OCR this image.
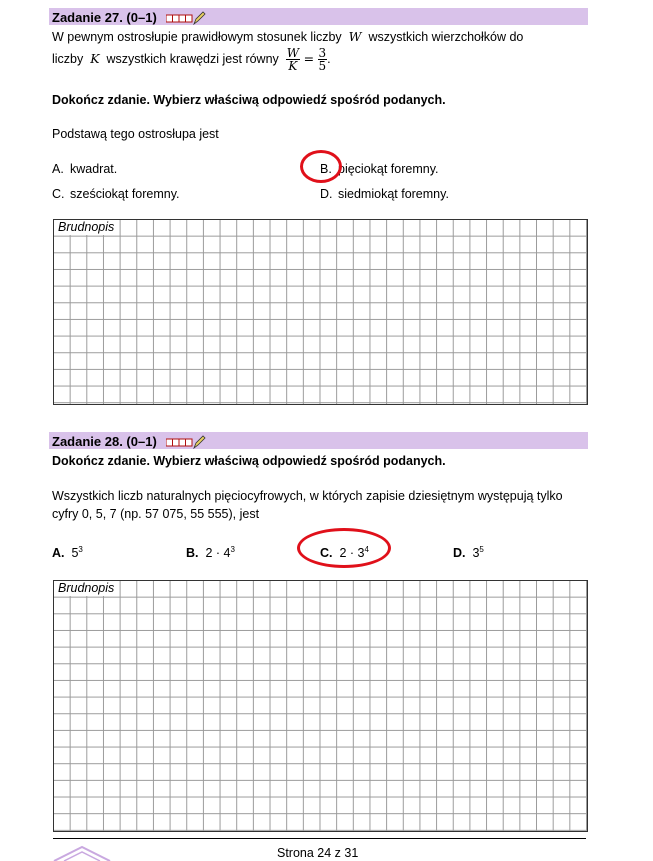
Zadanie 27. (0–1)
W pewnym ostrosłupie prawidłowym stosunek liczby W wszystkich wierzchołków do
liczby K wszystkich krawędzi jest równy $\frac{W}{K} = \frac{3}{5}$ .
Dokończ zdanie. Wybierz właściwą odpowiedź spośród podanych.
Podstawą tego ostrosłupa jest
A. kwadrat.	B. pięciokąt foremny.
C. sześciokąt foremny.	D. siedmiokąt foremny.
Brudnopis
Zadanie 28. (0–1)
Dokończ zdanie. Wybierz właściwą odpowiedź spośród podanych.
Wszystkich liczb naturalnych pięciocyfrowych, w których zapisie dziesiętnym występują tylko
cyfry 0, 5, 7 (np. 57 075, 55 555), jest
A. $5^3$	B. $2 \cdot 4^3$	C. $2 \cdot 3^4$	D. $3^5$
Brudnopis
Strona 24 z 31
